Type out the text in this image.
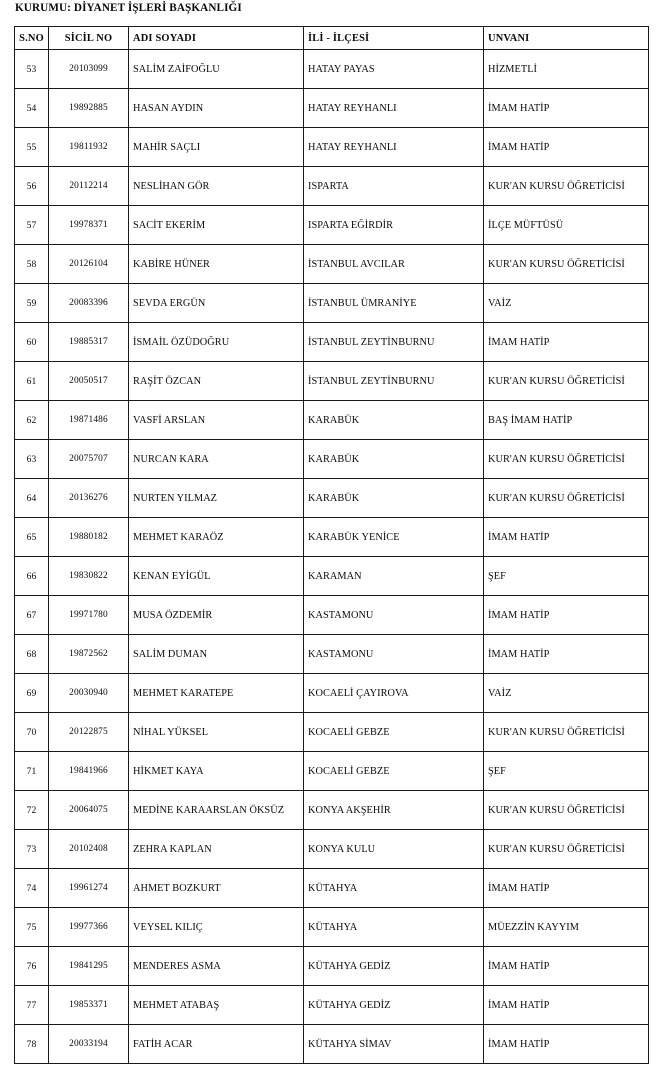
KURUMU: DİYANET İŞLERİ BAŞKANLIĞI
S.NO	SİCİL NO	ADI SOYADI	İLİ - İLÇESİ	UNVANI
53	20103099	SALİM ZAİFOĞLU	HATAY PAYAS	HİZMETLİ
54	19892885	HASAN AYDIN	HATAY REYHANLI	İMAM HATİP
55	19811932	MAHİR SAÇLI	HATAY REYHANLI	İMAM HATİP
56	20112214	NESLİHAN GÖR	ISPARTA	KUR'AN KURSU ÖĞRETİCİSİ
57	19978371	SACİT EKERİM	ISPARTA EĞİRDİR	İLÇE MÜFTÜSÜ
58	20126104	KABİRE HÜNER	İSTANBUL AVCILAR	KUR'AN KURSU ÖĞRETİCİSİ
59	20083396	SEVDA ERGÜN	İSTANBUL ÜMRANİYE	VAİZ
60	19885317	İSMAİL ÖZÜDOĞRU	İSTANBUL ZEYTİNBURNU	İMAM HATİP
61	20050517	RAŞİT ÖZCAN	İSTANBUL ZEYTİNBURNU	KUR'AN KURSU ÖĞRETİCİSİ
62	19871486	VASFİ ARSLAN	KARABÜK	BAŞ İMAM HATİP
63	20075707	NURCAN KARA	KARABÜK	KUR'AN KURSU ÖĞRETİCİSİ
64	20136276	NURTEN YILMAZ	KARABÜK	KUR'AN KURSU ÖĞRETİCİSİ
65	19880182	MEHMET KARAÖZ	KARABÜK YENİCE	İMAM HATİP
66	19830822	KENAN EYİGÜL	KARAMAN	ŞEF
67	19971780	MUSA ÖZDEMİR	KASTAMONU	İMAM HATİP
68	19872562	SALİM DUMAN	KASTAMONU	İMAM HATİP
69	20030940	MEHMET KARATEPE	KOCAELİ ÇAYIROVA	VAİZ
70	20122875	NİHAL YÜKSEL	KOCAELİ GEBZE	KUR'AN KURSU ÖĞRETİCİSİ
71	19841966	HİKMET KAYA	KOCAELİ GEBZE	ŞEF
72	20064075	MEDİNE KARAARSLAN ÖKSÜZ	KONYA AKŞEHİR	KUR'AN KURSU ÖĞRETİCİSİ
73	20102408	ZEHRA KAPLAN	KONYA KULU	KUR'AN KURSU ÖĞRETİCİSİ
74	19961274	AHMET BOZKURT	KÜTAHYA	İMAM HATİP
75	19977366	VEYSEL KILIÇ	KÜTAHYA	MÜEZZİN KAYYIM
76	19841295	MENDERES ASMA	KÜTAHYA GEDİZ	İMAM HATİP
77	19853371	MEHMET ATABAŞ	KÜTAHYA GEDİZ	İMAM HATİP
78	20033194	FATİH ACAR	KÜTAHYA SİMAV	İMAM HATİP
